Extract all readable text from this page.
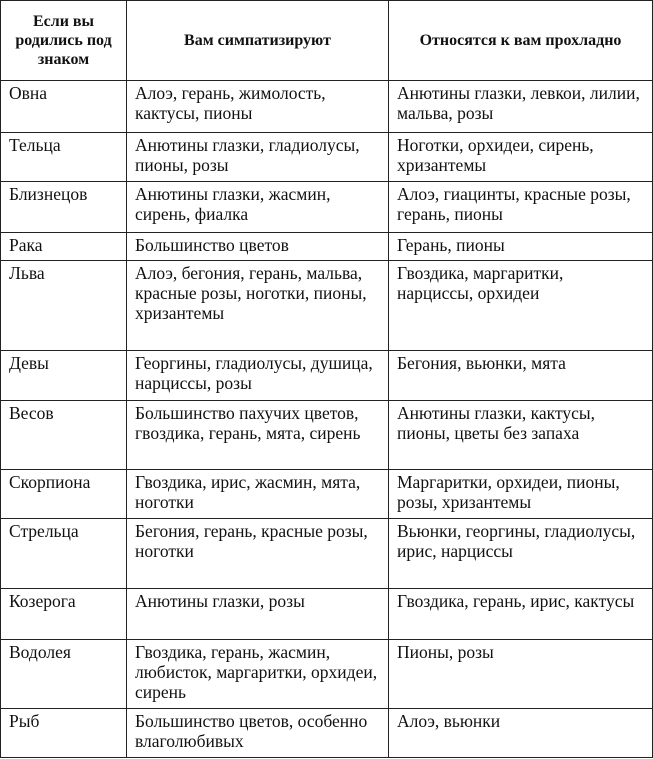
Если вы родились под знаком	Вам симпатизируют	Относятся к вам прохладно
Овна	Алоэ, герань, жимолость, кактусы, пионы	Анютины глазки, левкои, лилии, мальва, розы
Тельца	Анютины глазки, гладиолусы, пионы, розы	Ноготки, орхидеи, сирень, хризантемы
Близнецов	Анютины глазки, жасмин, сирень, фиалка	Алоэ, гиацинты, красные розы, герань, пионы
Рака	Большинство цветов	Герань, пионы
Льва	Алоэ, бегония, герань, мальва, красные розы, ноготки, пионы, хризантемы	Гвоздика, маргаритки, нарциссы, орхидеи
Девы	Георгины, гладиолусы, душица, нарциссы, розы	Бегония, вьюнки, мята
Весов	Большинство пахучих цветов, гвоздика, герань, мята, сирень	Анютины глазки, кактусы, пионы, цветы без запаха
Скорпиона	Гвоздика, ирис, жасмин, мята, ноготки	Маргаритки, орхидеи, пионы, розы, хризантемы
Стрельца	Бегония, герань, красные розы, ноготки	Вьюнки, георгины, гладиолусы, ирис, нарциссы
Козерога	Анютины глазки, розы	Гвоздика, герань, ирис, кактусы
Водолея	Гвоздика, герань, жасмин, любисток, маргаритки, орхидеи, сирень	Пионы, розы
Рыб	Большинство цветов, особенно влаголюбивых	Алоэ, вьюнки
